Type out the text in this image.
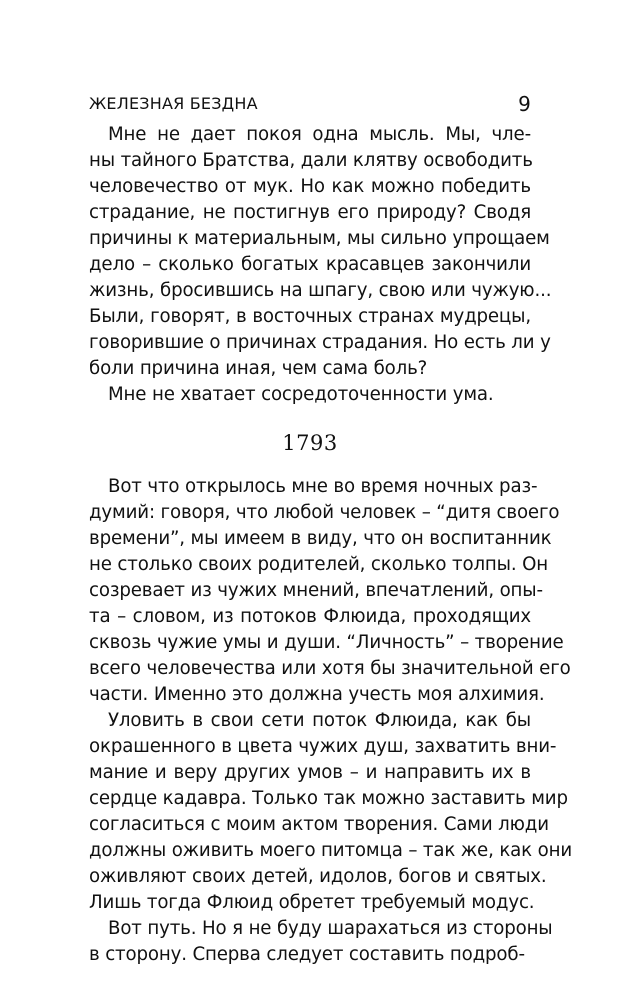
ЖЕЛЕЗНАЯ БЕЗДНА	9
Мне не дает покоя одна мысль. Мы, чле-
ны тайного Братства, дали клятву освободить
человечество от мук. Но как можно победить
страдание, не постигнув его природу? Сводя
причины к материальным, мы сильно упрощаем
дело – сколько богатых красавцев закончили
жизнь, бросившись на шпагу, свою или чужую...
Были, говорят, в восточных странах мудрецы,
говорившие о причинах страдания. Но есть ли у
боли причина иная, чем сама боль?
Мне не хватает сосредоточенности ума.
1793
Вот что открылось мне во время ночных раз-
думий: говоря, что любой человек – “дитя своего
времени”, мы имеем в виду, что он воспитанник
не столько своих родителей, сколько толпы. Он
созревает из чужих мнений, впечатлений, опы-
та – словом, из потоков Флюида, проходящих
сквозь чужие умы и души. “Личность” – творение
всего человечества или хотя бы значительной его
части. Именно это должна учесть моя алхимия.
Уловить в свои сети поток Флюида, как бы
окрашенного в цвета чужих душ, захватить вни-
мание и веру других умов – и направить их в
сердце кадавра. Только так можно заставить мир
согласиться с моим актом творения. Сами люди
должны оживить моего питомца – так же, как они
оживляют своих детей, идолов, богов и святых.
Лишь тогда Флюид обретет требуемый модус.
Вот путь. Но я не буду шарахаться из стороны
в сторону. Сперва следует составить подроб-
